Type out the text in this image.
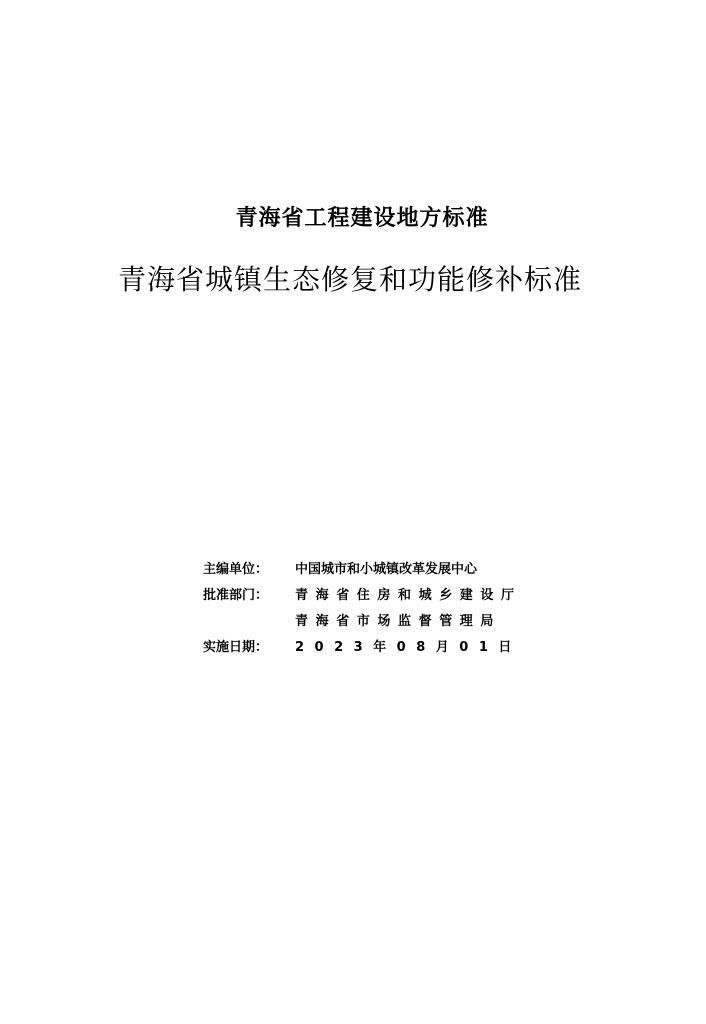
青海省工程建设地方标准
青海省城镇生态修复和功能修补标准
主编单位：	中国城市和小城镇改革发展中心
批准部门：	青海省住房和城乡建设厅
青海省市场监督管理局
实施日期：	2023年08月01日
